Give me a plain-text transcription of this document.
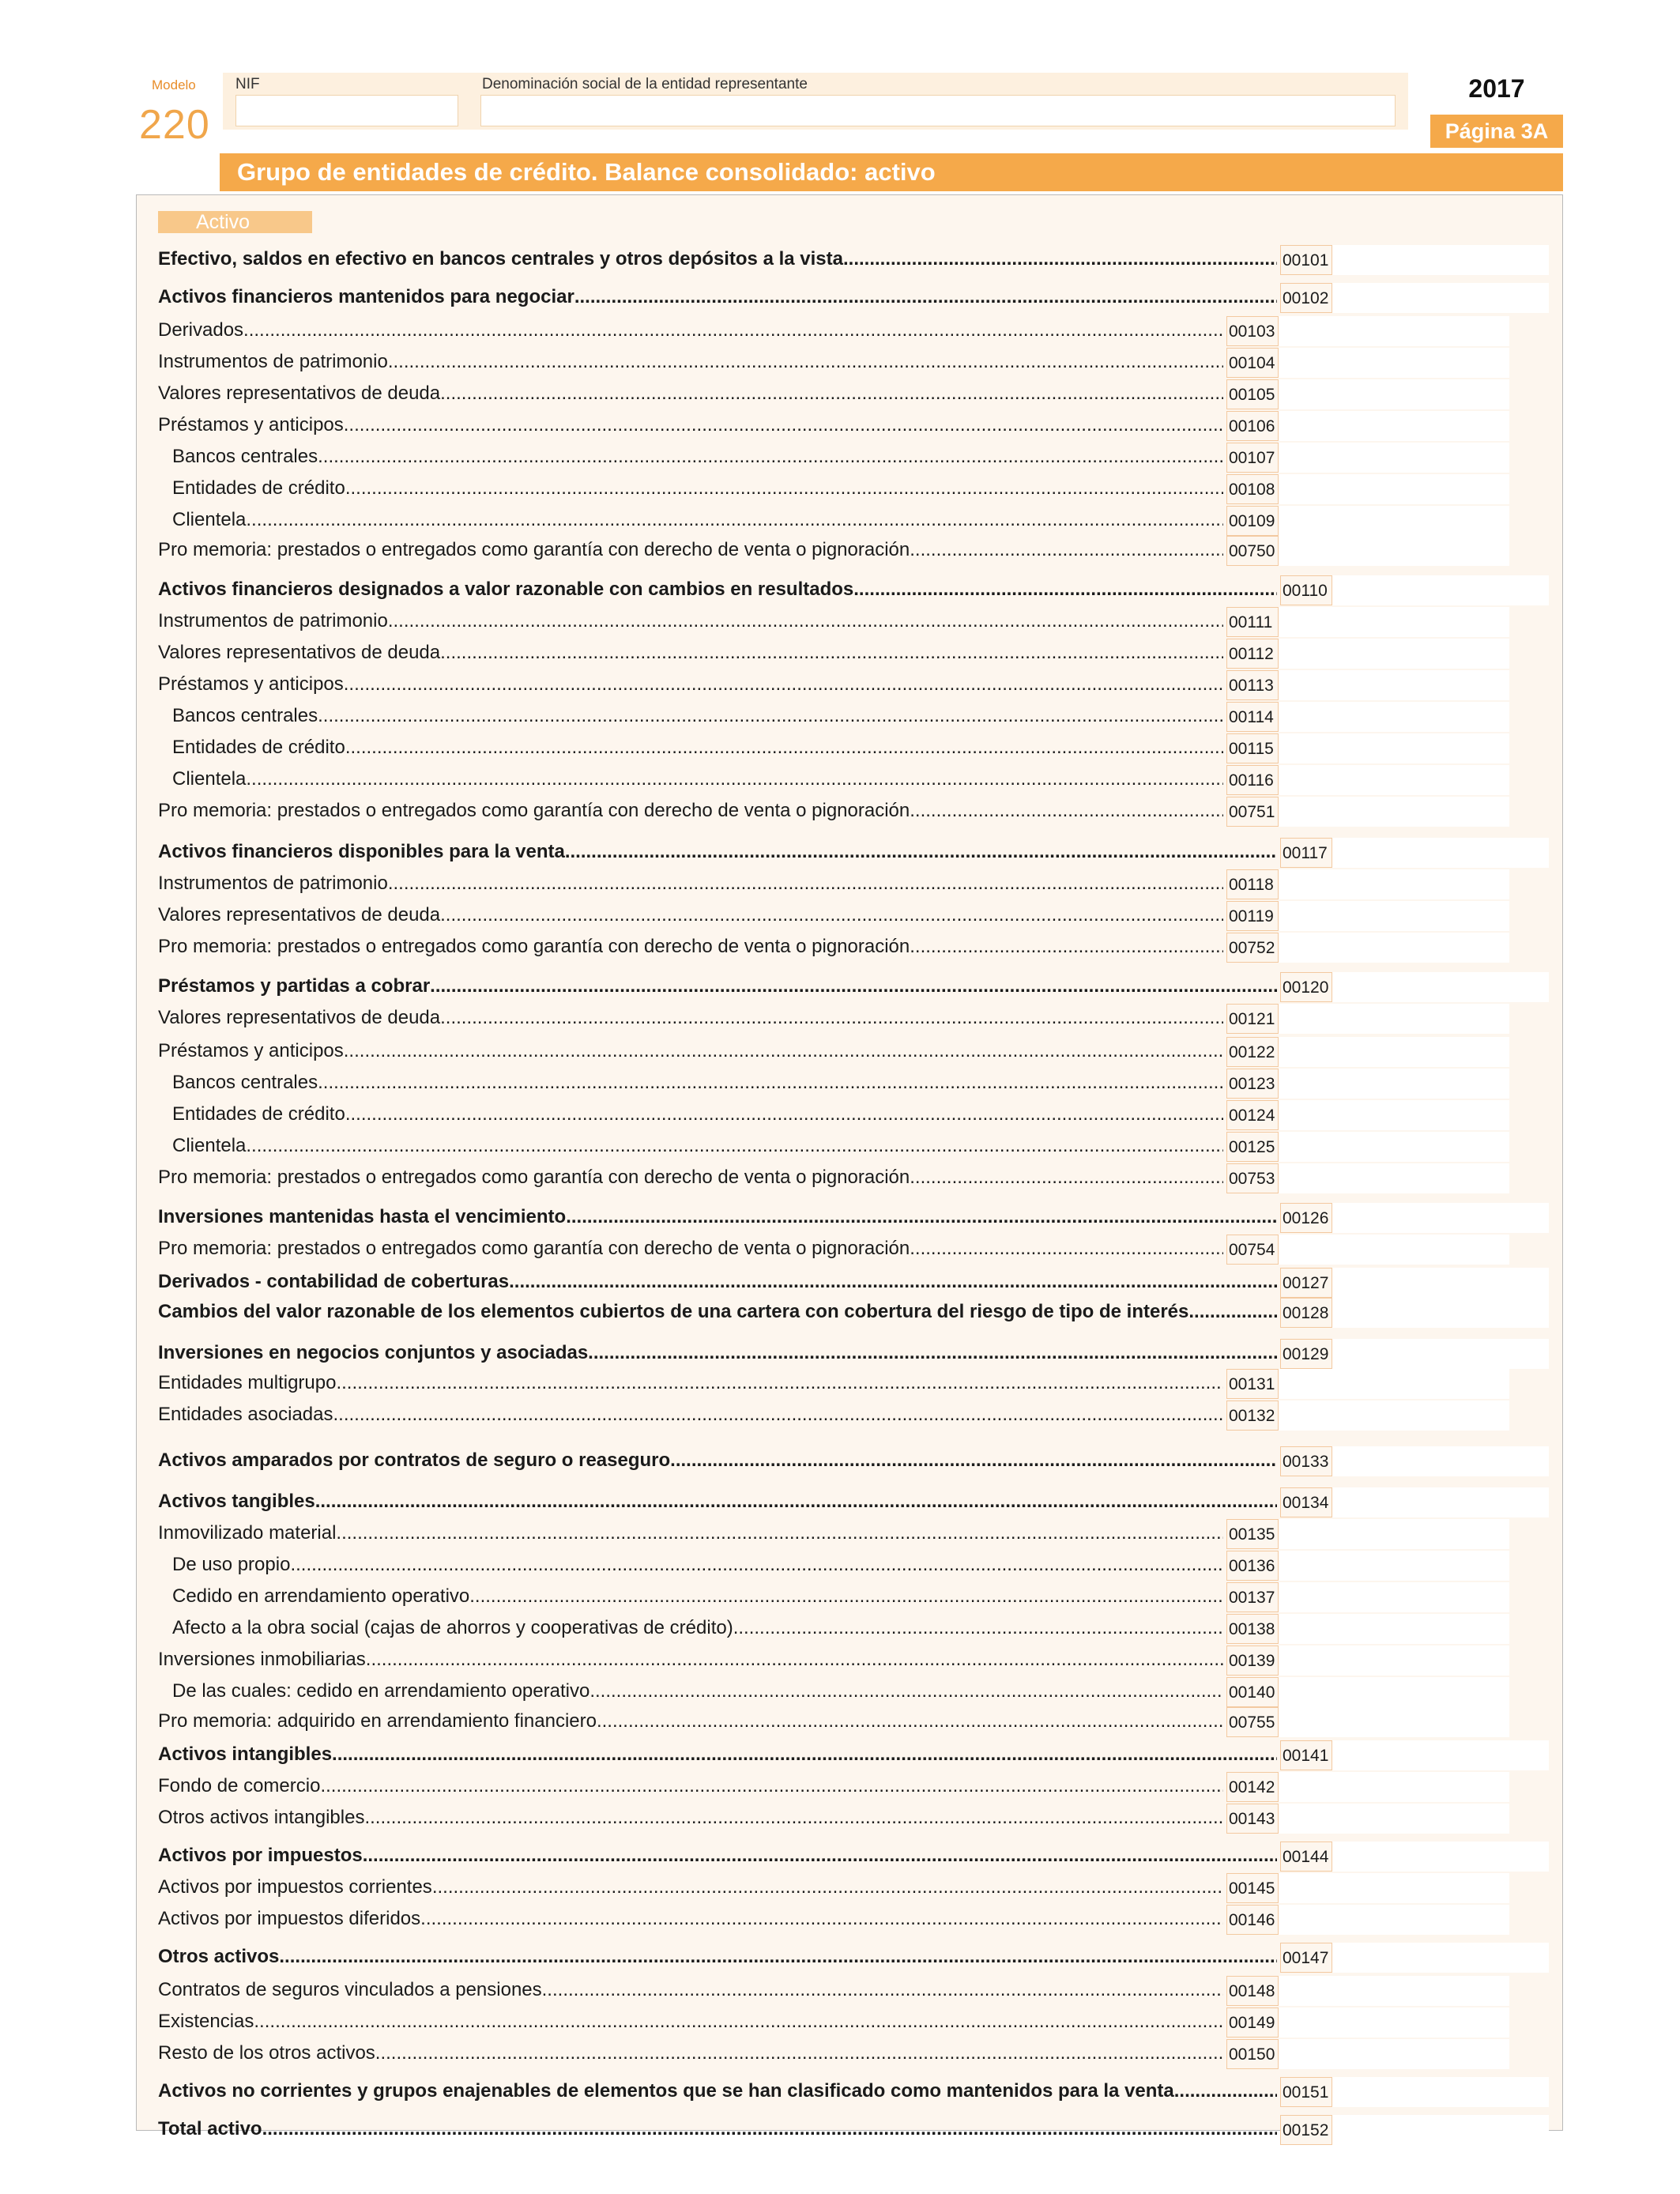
Modelo
220
NIF	Denominación social de la entidad representante	2017
Página 3A
Grupo de entidades de crédito. Balance consolidado: activo
Activo
Efectivo, saldos en efectivo en bancos centrales y otros depósitos a la vista .....	00101
Activos financieros mantenidos para negociar .....	00102
Derivados .....	00103
Instrumentos de patrimonio .....	00104
Valores representativos de deuda .....	00105
Préstamos y anticipos .....	00106
Bancos centrales .....	00107
Entidades de crédito .....	00108
Clientela .....	00109
Pro memoria: prestados o entregados como garantía con derecho de venta o pignoración .....	00750
Activos financieros designados a valor razonable con cambios en resultados .....	00110
Instrumentos de patrimonio .....	00111
Valores representativos de deuda .....	00112
Préstamos y anticipos .....	00113
Bancos centrales .....	00114
Entidades de crédito .....	00115
Clientela .....	00116
Pro memoria: prestados o entregados como garantía con derecho de venta o pignoración .....	00751
Activos financieros disponibles para la venta .....	00117
Instrumentos de patrimonio .....	00118
Valores representativos de deuda .....	00119
Pro memoria: prestados o entregados como garantía con derecho de venta o pignoración .....	00752
Préstamos y partidas a cobrar .....	00120
Valores representativos de deuda .....	00121
Préstamos y anticipos .....	00122
Bancos centrales .....	00123
Entidades de crédito .....	00124
Clientela .....	00125
Pro memoria: prestados o entregados como garantía con derecho de venta o pignoración .....	00753
Inversiones mantenidas hasta el vencimiento .....	00126
Pro memoria: prestados o entregados como garantía con derecho de venta o pignoración .....	00754
Derivados - contabilidad de coberturas .....	00127
Cambios del valor razonable de los elementos cubiertos de una cartera con cobertura del riesgo de tipo de interés .....	00128
Inversiones en negocios conjuntos y asociadas .....	00129
Entidades multigrupo .....	00131
Entidades asociadas .....	00132
Activos amparados por contratos de seguro o reaseguro .....	00133
Activos tangibles .....	00134
Inmovilizado material .....	00135
De uso propio .....	00136
Cedido en arrendamiento operativo .....	00137
Afecto a la obra social (cajas de ahorros y cooperativas de crédito) .....	00138
Inversiones inmobiliarias .....	00139
De las cuales: cedido en arrendamiento operativo .....	00140
Pro memoria: adquirido en arrendamiento financiero .....	00755
Activos intangibles .....	00141
Fondo de comercio .....	00142
Otros activos intangibles .....	00143
Activos por impuestos .....	00144
Activos por impuestos corrientes .....	00145
Activos por impuestos diferidos .....	00146
Otros activos .....	00147
Contratos de seguros vinculados a pensiones .....	00148
Existencias .....	00149
Resto de los otros activos .....	00150
Activos no corrientes y grupos enajenables de elementos que se han clasificado como mantenidos para la venta .....	00151
Total activo .....	00152
